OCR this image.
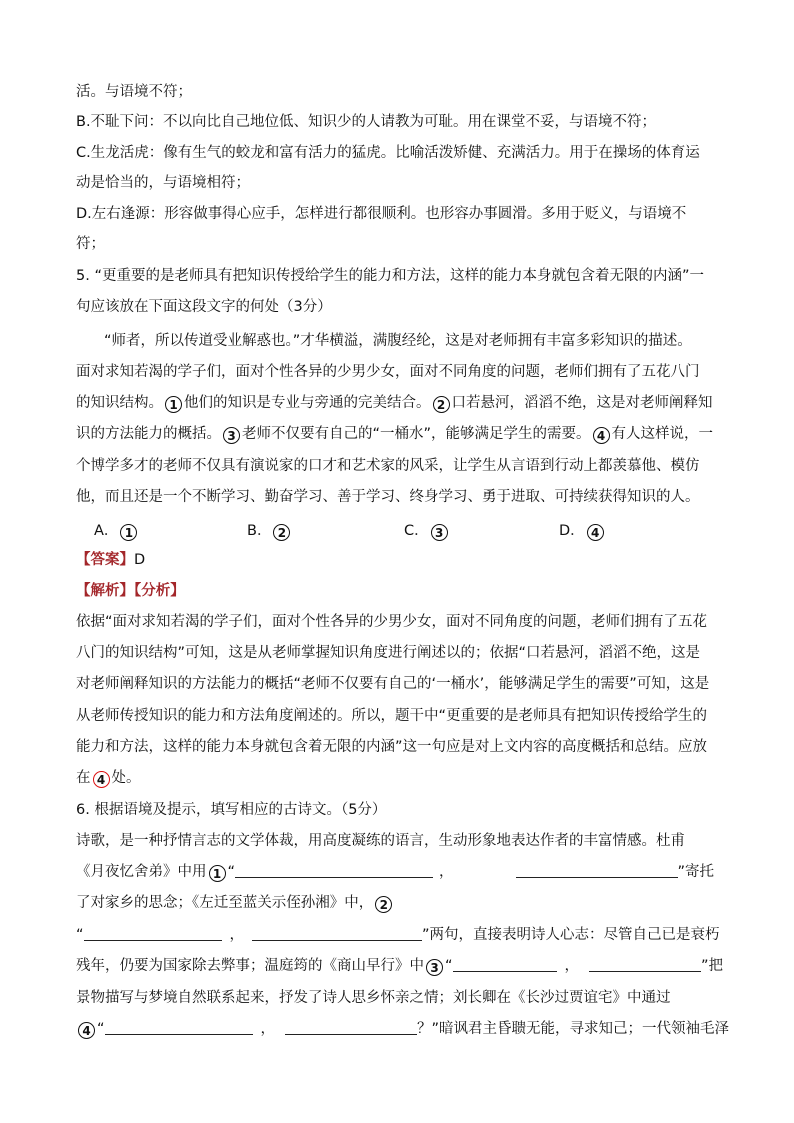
活。与语境不符；
B.不耻下问：不以向比自己地位低、知识少的人请教为可耻。用在课堂不妥，与语境不符；
C.生龙活虎：像有生气的蛟龙和富有活力的猛虎。比喻活泼矫健、充满活力。用于在操场的体育运
动是恰当的，与语境相符；
D.左右逢源：形容做事得心应手，怎样进行都很顺利。也形容办事圆滑。多用于贬义，与语境不
符；
5. “更重要的是老师具有把知识传授给学生的能力和方法，这样的能力本身就包含着无限的内涵”一
句应该放在下面这段文字的何处（3分）
“师者，所以传道受业解惑也。”才华横溢，满腹经纶，这是对老师拥有丰富多彩知识的描述。
面对求知若渴的学子们，面对个性各异的少男少女，面对不同角度的问题，老师们拥有了五花八门
的知识结构。 1 他们的知识是专业与旁通的完美结合。 2 口若悬河，滔滔不绝，这是对老师阐释知
识的方法能力的概括。 3 老师不仅要有自己的“一桶水”，能够满足学生的需要。 4 有人这样说，一
个博学多才的老师不仅具有演说家的口才和艺术家的风采，让学生从言语到行动上都羡慕他、模仿
他，而且还是一个不断学习、勤奋学习、善于学习、终身学习、勇于进取、可持续获得知识的人。
A． 1	B． 2	C． 3	D． 4
【答案】D
【解析】【分析】
依据“面对求知若渴的学子们，面对个性各异的少男少女，面对不同角度的问题，老师们拥有了五花
八门的知识结构”可知，这是从老师掌握知识角度进行阐述以的；依据“口若悬河，滔滔不绝，这是
对老师阐释知识的方法能力的概括“老师不仅要有自己的‘一桶水’，能够满足学生的需要”可知，这是
从老师传授知识的能力和方法角度阐述的。所以，题干中“更重要的是老师具有把知识传授给学生的
能力和方法，这样的能力本身就包含着无限的内涵”这一句应是对上文内容的高度概括和总结。应放
在 4 处。
6. 根据语境及提示，填写相应的古诗文。（5分）
诗歌，是一种抒情言志的文学体裁，用高度凝练的语言，生动形象地表达作者的丰富情感。杜甫
《月夜忆舍弟》中用 1 “	，	”寄托
了对家乡的思念；《左迁至蓝关示侄孙湘》中， 2
“	，	”两句，直接表明诗人心志：尽管自己已是衰朽
残年，仍要为国家除去弊事；温庭筠的《商山早行》中 3 “	，	”把
景物描写与梦境自然联系起来，抒发了诗人思乡怀亲之情；刘长卿在《长沙过贾谊宅》中通过
4 “	，	？”暗讽君主昏聩无能，寻求知己；一代领袖毛泽
